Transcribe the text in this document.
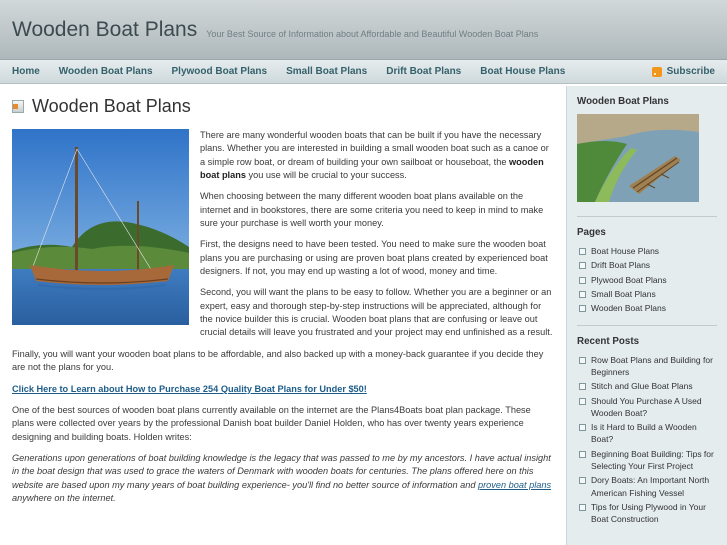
Wooden Boat Plans Your Best Source of Information about Affordable and Beautiful Wooden Boat Plans
Home Wooden Boat Plans Plywood Boat Plans Small Boat Plans Drift Boat Plans Boat House Plans	Subscribe
Wooden Boat Plans

There are many wonderful wooden boats that can be built if you have the necessary plans. Whether you are interested in building a small wooden boat such as a canoe or a simple row boat, or dream of building your own sailboat or houseboat, the wooden boat plans you use will be crucial to your success.

When choosing between the many different wooden boat plans available on the internet and in bookstores, there are some criteria you need to keep in mind to make sure your purchase is well worth your money.

First, the designs need to have been tested. You need to make sure the wooden boat plans you are purchasing or using are proven boat plans created by experienced boat designers. If not, you may end up wasting a lot of wood, money and time.

Second, you will want the plans to be easy to follow. Whether you are a beginner or an expert, easy and thorough step-by-step instructions will be appreciated, although for the novice builder this is crucial. Wooden boat plans that are confusing or leave out crucial details will leave you frustrated and your project may end unfinished as a result.

Finally, you will want your wooden boat plans to be affordable, and also backed up with a money-back guarantee if you decide they are not the plans for you.

Click Here to Learn about How to Purchase 254 Quality Boat Plans for Under $50!

One of the best sources of wooden boat plans currently available on the internet are the Plans4Boats boat plan package. These plans were collected over years by the professional Danish boat builder Daniel Holden, who has over twenty years experience designing and building boats. Holden writes:

Generations upon generations of boat building knowledge is the legacy that was passed to me by my ancestors. I have actual insight in the boat design that was used to grace the waters of Denmark with wooden boats for centuries. The plans offered here on this website are based upon my many years of boat building experience- you'll find no better source of information and proven boat plans anywhere on the internet.

Wooden Boat Plans
Pages
Boat House Plans
Drift Boat Plans
Plywood Boat Plans
Small Boat Plans
Wooden Boat Plans
Recent Posts
Row Boat Plans and Building for Beginners
Stitch and Glue Boat Plans
Should You Purchase A Used Wooden Boat?
Is it Hard to Build a Wooden Boat?
Beginning Boat Building: Tips for Selecting Your First Project
Dory Boats: An Important North American Fishing Vessel
Tips for Using Plywood in Your Boat Construction
